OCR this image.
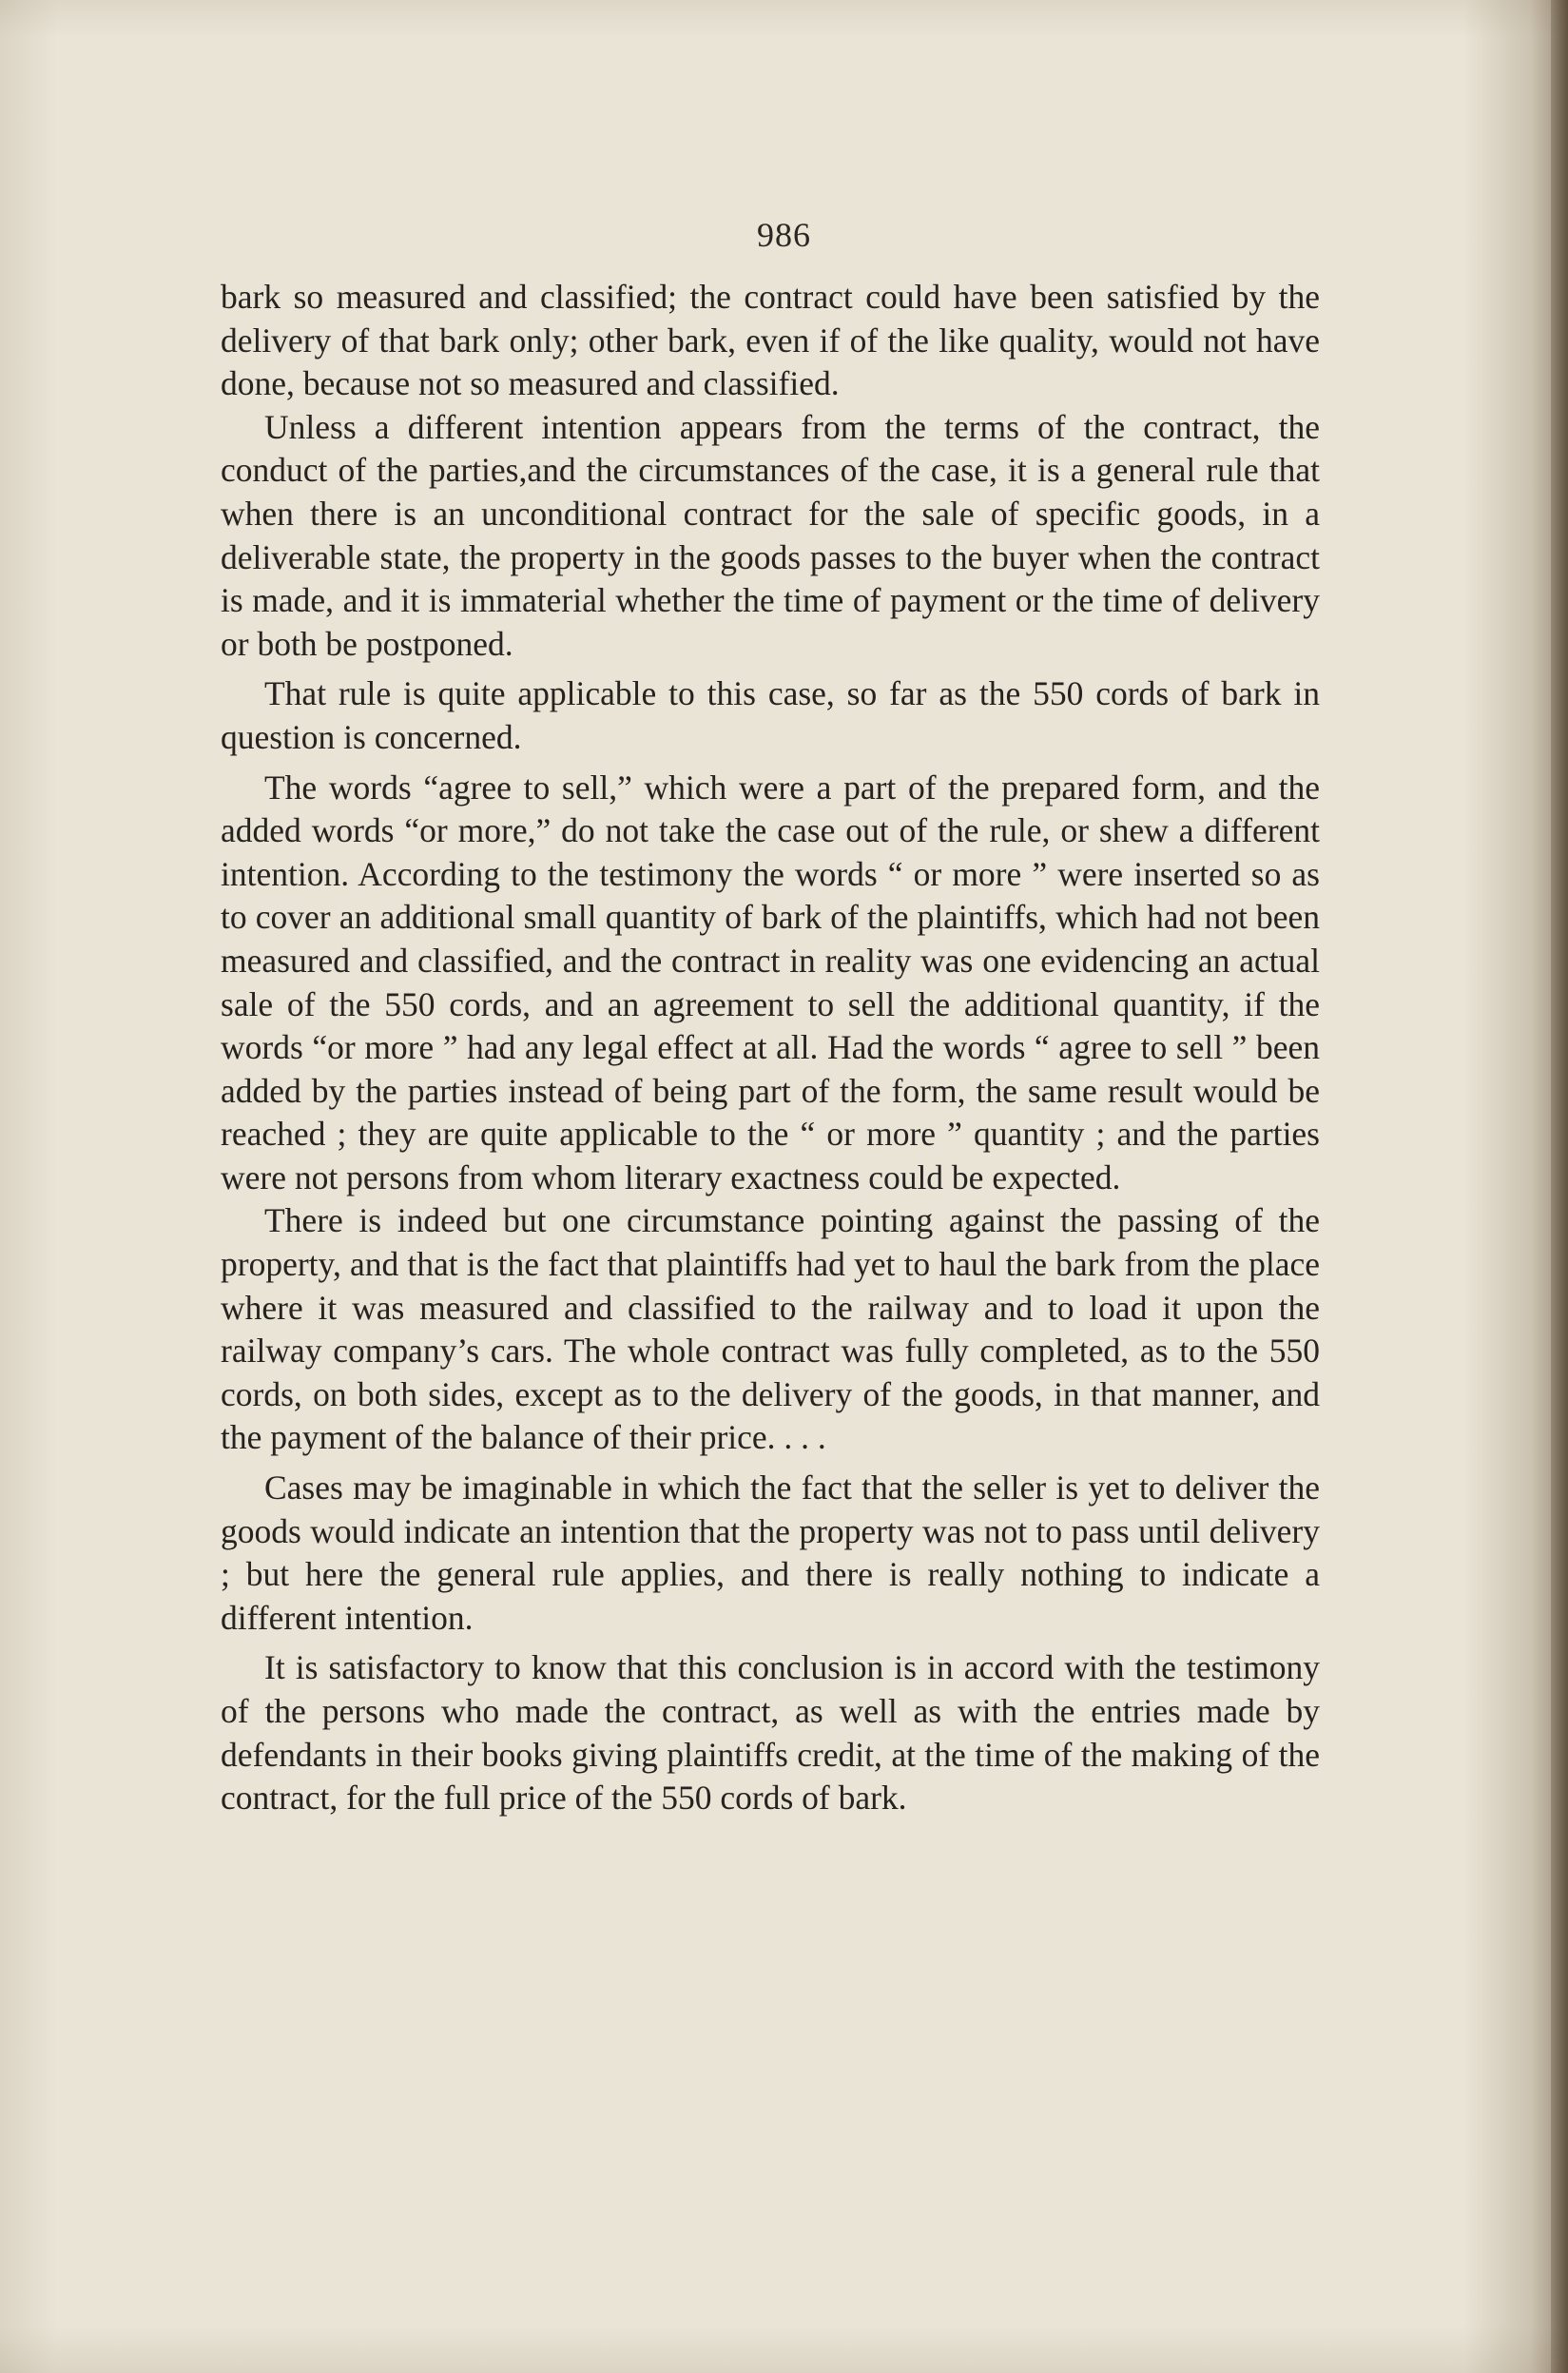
986

bark so measured and classified; the contract could have been satisfied by the delivery of that bark only; other bark, even if of the like quality, would not have done, because not so measured and classified.

Unless a different intention appears from the terms of the contract, the conduct of the parties,and the circumstances of the case, it is a general rule that when there is an unconditional contract for the sale of specific goods, in a deliverable state, the property in the goods passes to the buyer when the contract is made, and it is immaterial whether the time of payment or the time of delivery or both be postponed.

That rule is quite applicable to this case, so far as the 550 cords of bark in question is concerned.

The words “agree to sell,” which were a part of the prepared form, and the added words “or more,” do not take the case out of the rule, or shew a different intention. According to the testimony the words “ or more ” were inserted so as to cover an additional small quantity of bark of the plaintiffs, which had not been measured and classified, and the contract in reality was one evidencing an actual sale of the 550 cords, and an agreement to sell the additional quantity, if the words “or more ” had any legal effect at all. Had the words “ agree to sell ” been added by the parties instead of being part of the form, the same result would be reached ; they are quite applicable to the “ or more ” quantity ; and the parties were not persons from whom literary exactness could be expected.

There is indeed but one circumstance pointing against the passing of the property, and that is the fact that plaintiffs had yet to haul the bark from the place where it was measured and classified to the railway and to load it upon the railway company’s cars. The whole contract was fully completed, as to the 550 cords, on both sides, except as to the delivery of the goods, in that manner, and the payment of the balance of their price. . . .

Cases may be imaginable in which the fact that the seller is yet to deliver the goods would indicate an intention that the property was not to pass until delivery ; but here the general rule applies, and there is really nothing to indicate a different intention.

It is satisfactory to know that this conclusion is in accord with the testimony of the persons who made the contract, as well as with the entries made by defendants in their books giving plaintiffs credit, at the time of the making of the contract, for the full price of the 550 cords of bark.
